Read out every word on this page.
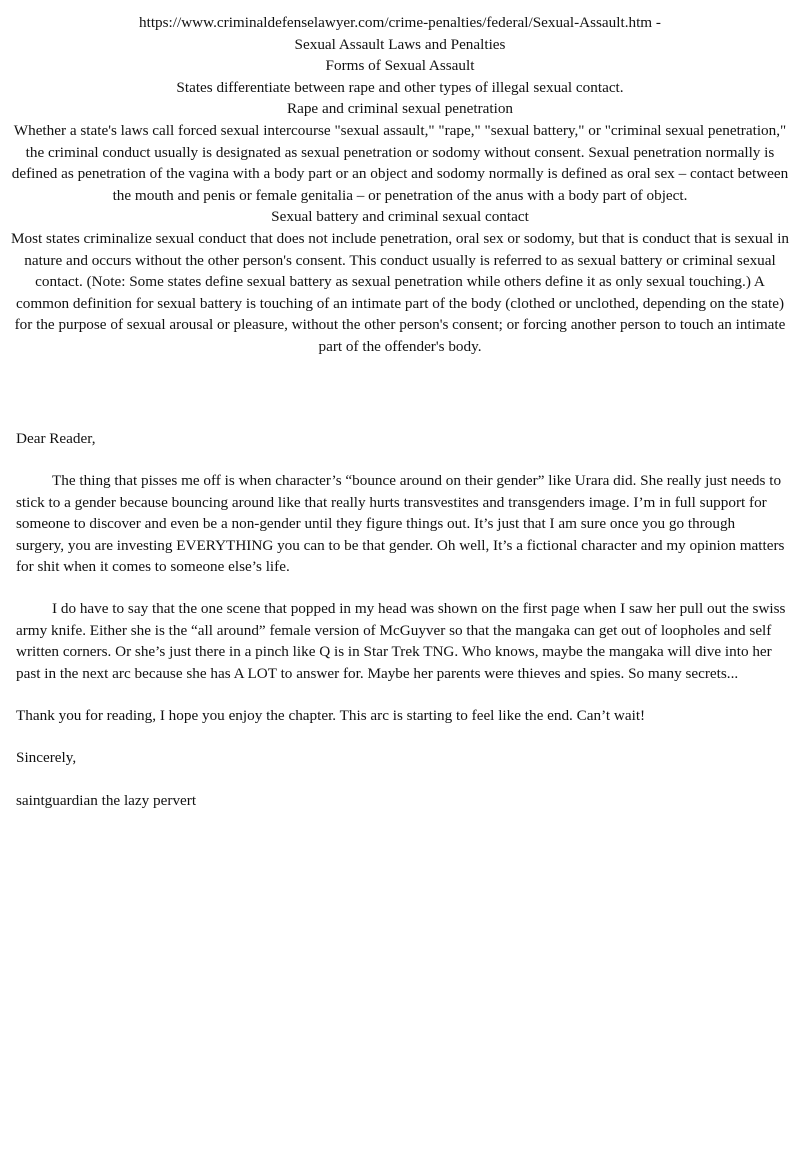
https://www.criminaldefenselawyer.com/crime-penalties/federal/Sexual-Assault.htm -
Sexual Assault Laws and Penalties
Forms of Sexual Assault
States differentiate between rape and other types of illegal sexual contact.
Rape and criminal sexual penetration
Whether a state's laws call forced sexual intercourse "sexual assault," "rape," "sexual battery," or "criminal sexual penetration," the criminal conduct usually is designated as sexual penetration or sodomy without consent. Sexual penetration normally is defined as penetration of the vagina with a body part or an object and sodomy normally is defined as oral sex – contact between the mouth and penis or female genitalia – or penetration of the anus with a body part of object.
Sexual battery and criminal sexual contact
Most states criminalize sexual conduct that does not include penetration, oral sex or sodomy, but that is conduct that is sexual in nature and occurs without the other person's consent. This conduct usually is referred to as sexual battery or criminal sexual contact. (Note: Some states define sexual battery as sexual penetration while others define it as only sexual touching.) A common definition for sexual battery is touching of an intimate part of the body (clothed or unclothed, depending on the state) for the purpose of sexual arousal or pleasure, without the other person's consent; or forcing another person to touch an intimate part of the offender's body.

Dear Reader,

The thing that pisses me off is when character’s “bounce around on their gender” like Urara did. She really just needs to stick to a gender because bouncing around like that really hurts transvestites and transgenders image. I’m in full support for someone to discover and even be a non-gender until they figure things out. It’s just that I am sure once you go through surgery, you are investing EVERYTHING you can to be that gender. Oh well, It’s a fictional character and my opinion matters for shit when it comes to someone else’s life.

I do have to say that the one scene that popped in my head was shown on the first page when I saw her pull out the swiss army knife. Either she is the “all around” female version of McGuyver so that the mangaka can get out of loopholes and self written corners. Or she’s just there in a pinch like Q is in Star Trek TNG. Who knows, maybe the mangaka will dive into her past in the next arc because she has A LOT to answer for. Maybe her parents were thieves and spies. So many secrets...

Thank you for reading, I hope you enjoy the chapter. This arc is starting to feel like the end. Can’t wait!

Sincerely,

saintguardian the lazy pervert
